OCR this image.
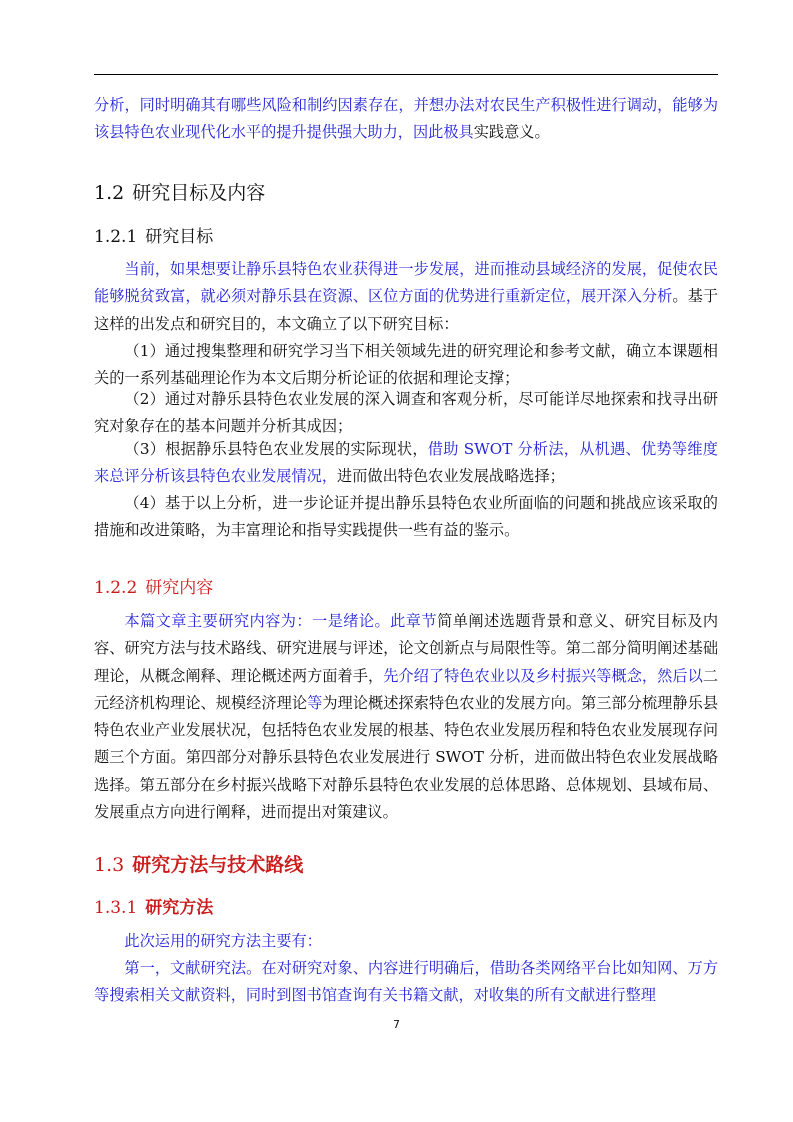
分析，同时明确其有哪些风险和制约因素存在，并想办法对农民生产积极性进行调动，能够为该县特色农业现代化水平的提升提供强大助力，因此极具实践意义。

1.2 研究目标及内容
1.2.1 研究目标

当前，如果想要让静乐县特色农业获得进一步发展，进而推动县域经济的发展，促使农民能够脱贫致富，就必须对静乐县在资源、区位方面的优势进行重新定位，展开深入分析。基于这样的出发点和研究目的，本文确立了以下研究目标：

（1）通过搜集整理和研究学习当下相关领域先进的研究理论和参考文献，确立本课题相关的一系列基础理论作为本文后期分析论证的依据和理论支撑；

（2）通过对静乐县特色农业发展的深入调查和客观分析，尽可能详尽地探索和找寻出研究对象存在的基本问题并分析其成因；

（3）根据静乐县特色农业发展的实际现状，借助 SWOT 分析法，从机遇、优势等维度来总评分析该县特色农业发展情况，进而做出特色农业发展战略选择；

（4）基于以上分析，进一步论证并提出静乐县特色农业所面临的问题和挑战应该采取的措施和改进策略，为丰富理论和指导实践提供一些有益的鉴示。

1.2.2 研究内容

本篇文章主要研究内容为：一是绪论。此章节简单阐述选题背景和意义、研究目标及内容、研究方法与技术路线、研究进展与评述，论文创新点与局限性等。第二部分简明阐述基础理论，从概念阐释、理论概述两方面着手，先介绍了特色农业以及乡村振兴等概念，然后以二元经济机构理论、规模经济理论等为理论概述探索特色农业的发展方向。第三部分梳理静乐县特色农业产业发展状况，包括特色农业发展的根基、特色农业发展历程和特色农业发展现存问题三个方面。第四部分对静乐县特色农业发展进行 SWOT 分析，进而做出特色农业发展战略选择。第五部分在乡村振兴战略下对静乐县特色农业发展的总体思路、总体规划、县域布局、发展重点方向进行阐释，进而提出对策建议。

1.3 研究方法与技术路线
1.3.1 研究方法

此次运用的研究方法主要有：

第一，文献研究法。在对研究对象、内容进行明确后，借助各类网络平台比如知网、万方等搜索相关文献资料，同时到图书馆查询有关书籍文献，对收集的所有文献进行整理

7
